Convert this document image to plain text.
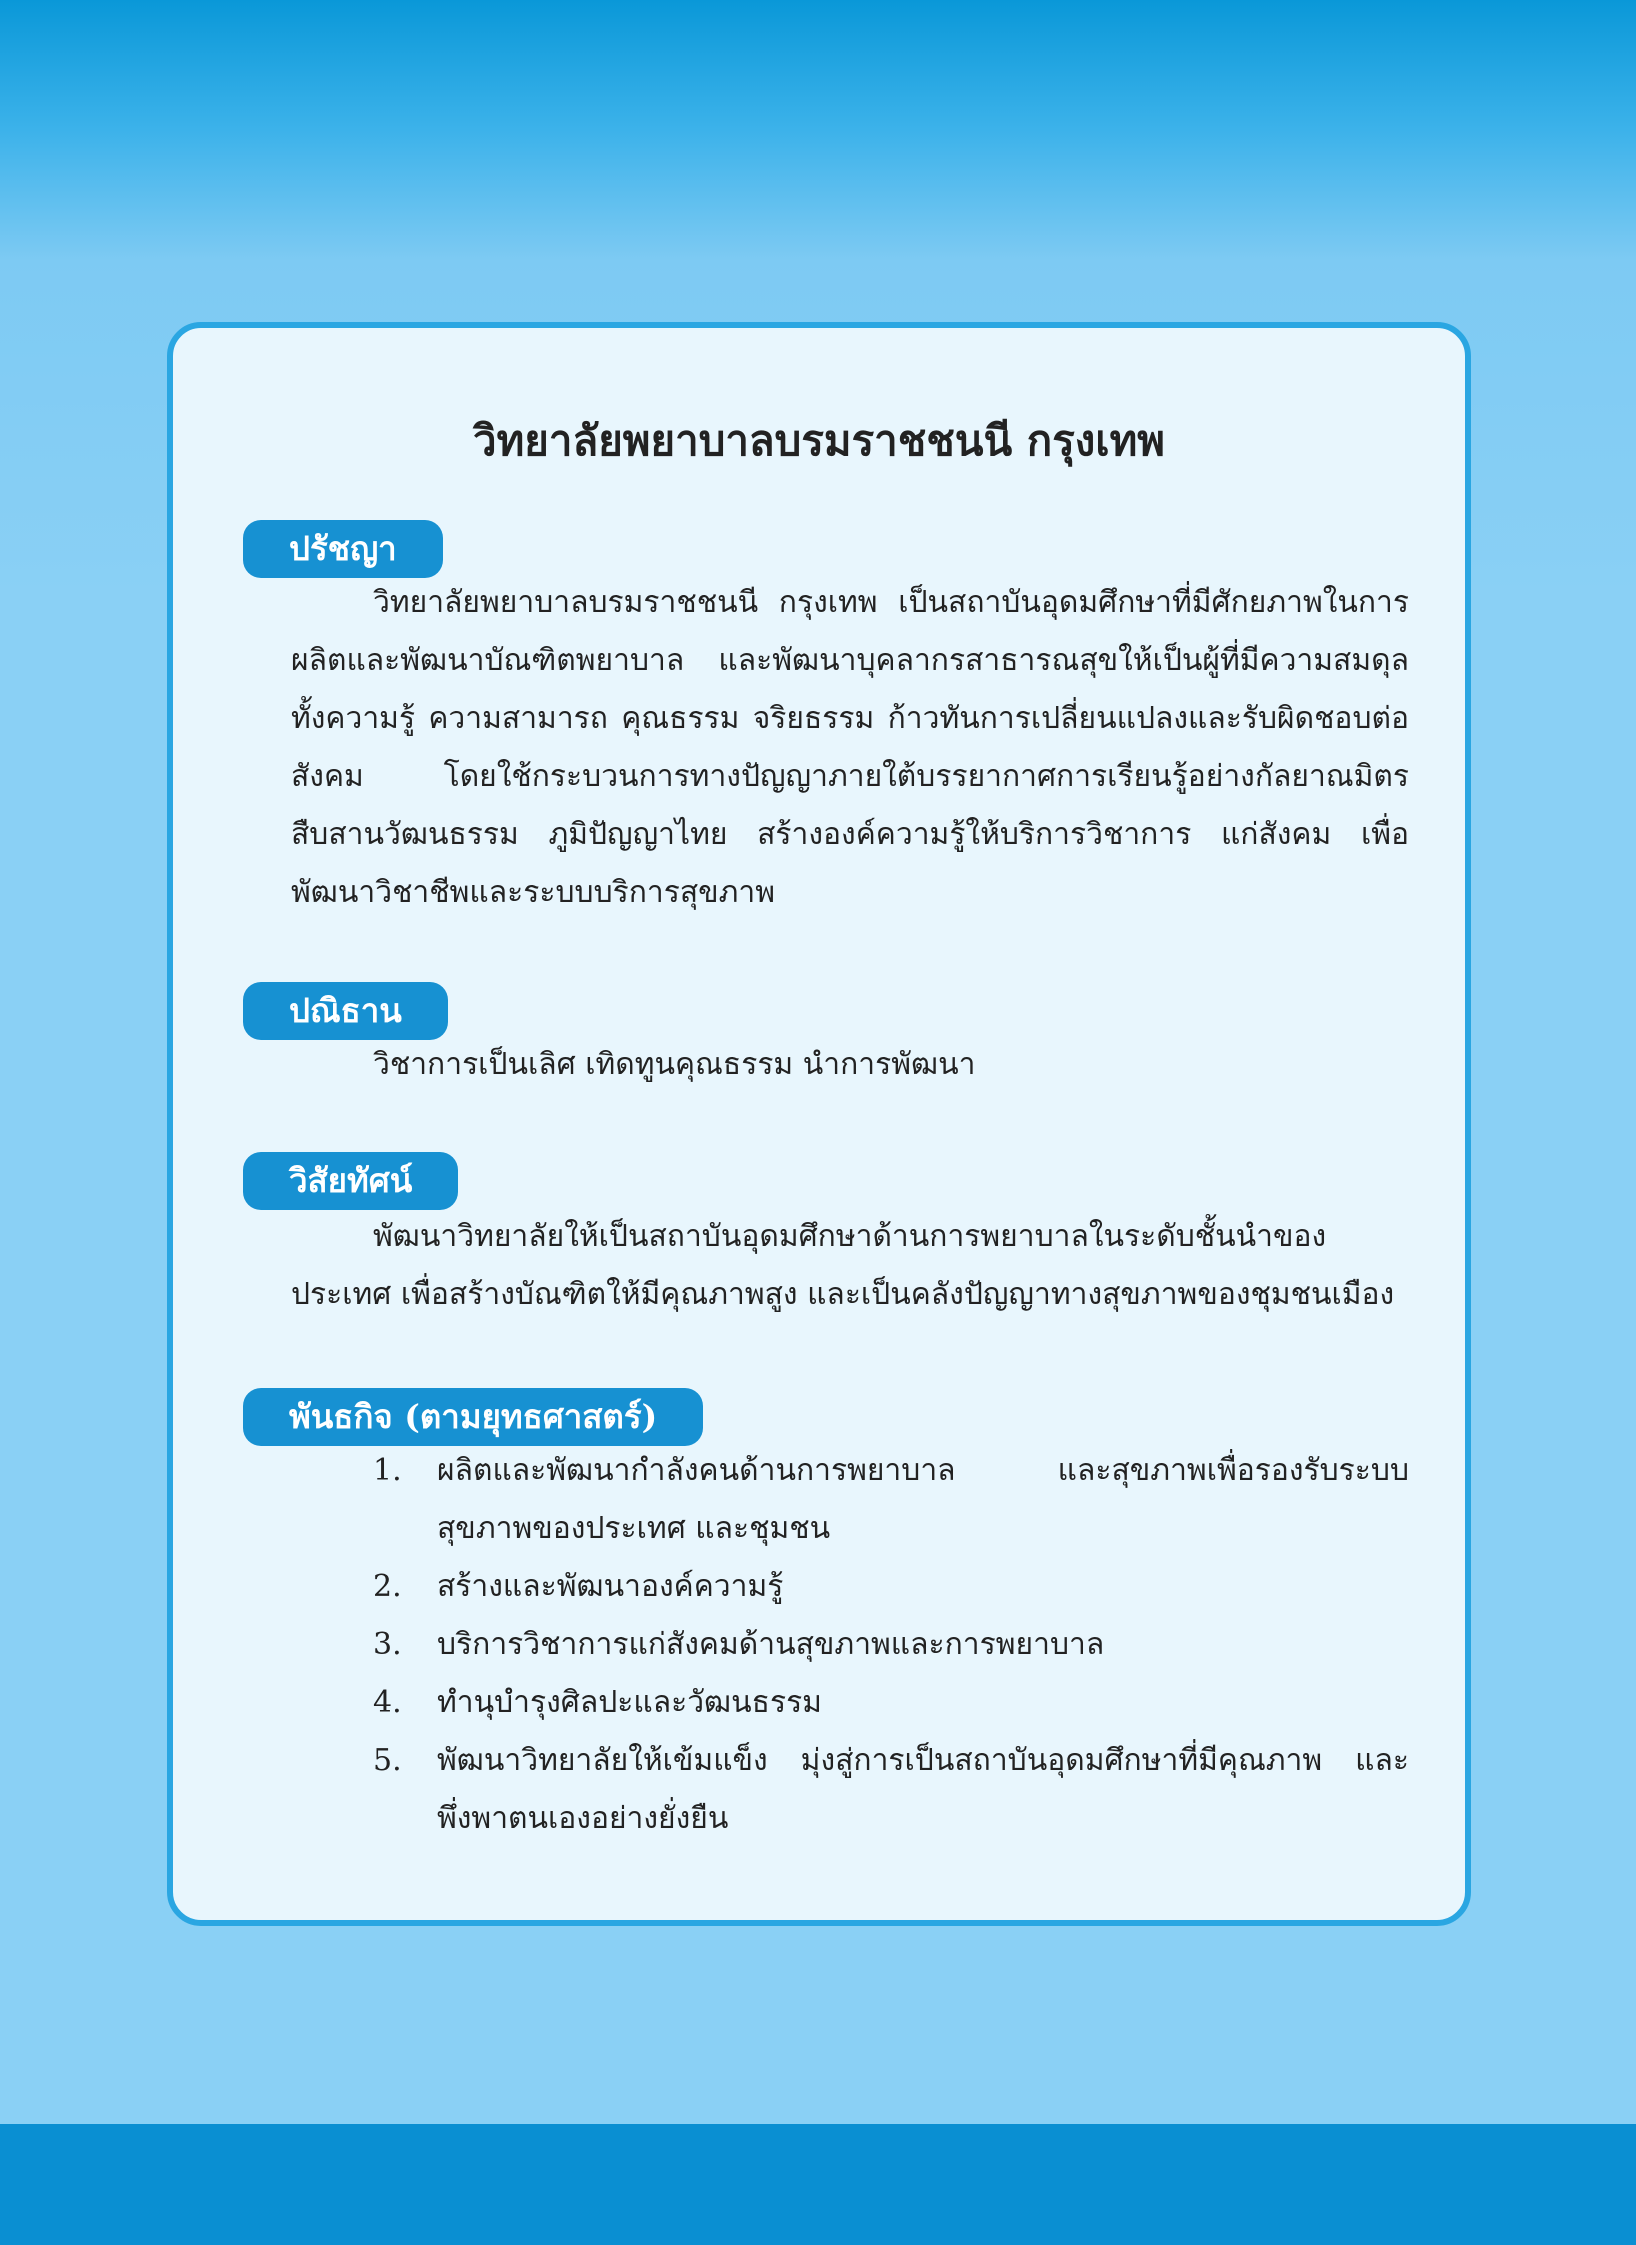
วิทยาลัยพยาบาลบรมราชชนนี กรุงเทพ
ปรัชญา
วิทยาลัยพยาบาลบรมราชชนนี กรุงเทพ เป็นสถาบันอุดมศึกษาที่มีศักยภาพในการผลิตและพัฒนาบัณฑิตพยาบาล และพัฒนาบุคลากรสาธารณสุขให้เป็นผู้ที่มีความสมดุลทั้งความรู้ ความสามารถ คุณธรรม จริยธรรม ก้าวทันการเปลี่ยนแปลงและรับผิดชอบต่อสังคม โดยใช้กระบวนการทางปัญญาภายใต้บรรยากาศการเรียนรู้อย่างกัลยาณมิตร สืบสานวัฒนธรรม ภูมิปัญญาไทย สร้างองค์ความรู้ให้บริการวิชาการ แก่สังคม เพื่อพัฒนาวิชาชีพและระบบบริการสุขภาพ
ปณิธาน
วิชาการเป็นเลิศ เทิดทูนคุณธรรม นำการพัฒนา
วิสัยทัศน์
พัฒนาวิทยาลัยให้เป็นสถาบันอุดมศึกษาด้านการพยาบาลในระดับชั้นนำของประเทศ เพื่อสร้างบัณฑิตให้มีคุณภาพสูง และเป็นคลังปัญญาทางสุขภาพของชุมชนเมือง
พันธกิจ (ตามยุทธศาสตร์)
1.	ผลิตและพัฒนากำลังคนด้านการพยาบาล และสุขภาพเพื่อรองรับระบบสุขภาพของประเทศ และชุมชน
2.	สร้างและพัฒนาองค์ความรู้
3.	บริการวิชาการแก่สังคมด้านสุขภาพและการพยาบาล
4.	ทำนุบำรุงศิลปะและวัฒนธรรม
5.	พัฒนาวิทยาลัยให้เข้มแข็ง มุ่งสู่การเป็นสถาบันอุดมศึกษาที่มีคุณภาพ และพึ่งพาตนเองอย่างยั่งยืน
